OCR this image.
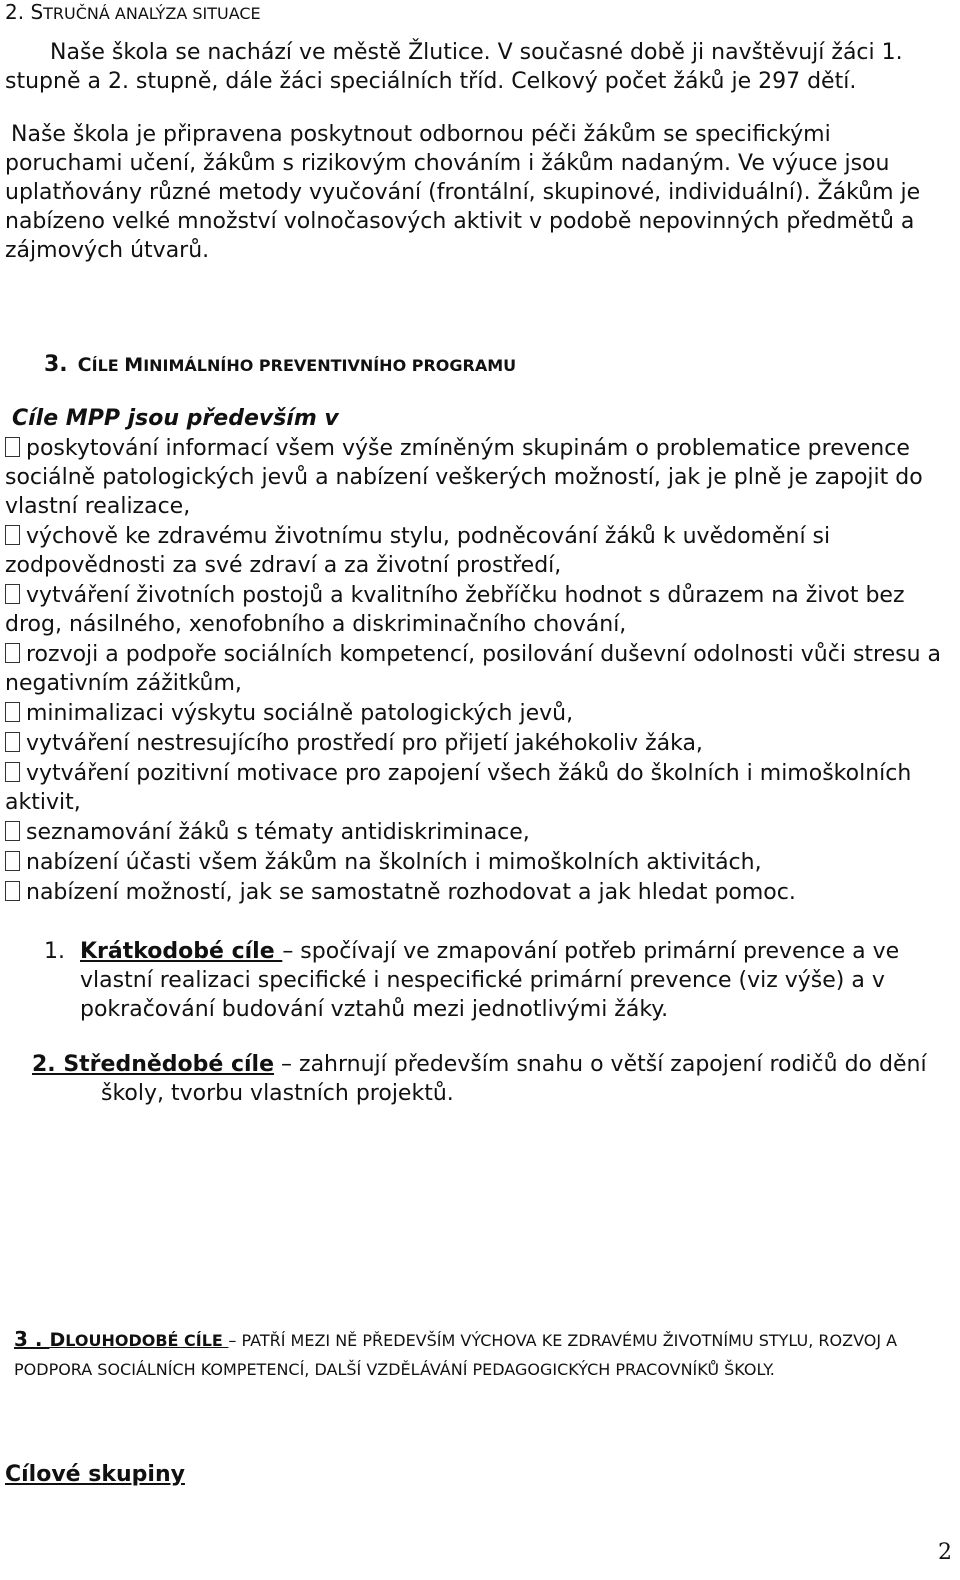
2. STRUČNÁ ANALÝZA SITUACE
Naše škola se nachází ve městě Žlutice. V současné době ji navštěvují žáci 1. stupně a 2. stupně, dále žáci speciálních tříd. Celkový počet žáků je 297 dětí.
Naše škola je připravena poskytnout odbornou péči žákům se specifickými poruchami učení, žákům s rizikovým chováním i žákům nadaným. Ve výuce jsou uplatňovány různé metody vyučování (frontální, skupinové, individuální). Žákům je nabízeno velké množství volnočasových aktivit v podobě nepovinných předmětů a zájmových útvarů.
3. CÍLE MINIMÁLNÍHO PREVENTIVNÍHO PROGRAMU
Cíle MPP jsou především v
poskytování informací všem výše zmíněným skupinám o problematice prevence sociálně patologických jevů a nabízení veškerých možností, jak je plně je zapojit do vlastní realizace,
výchově ke zdravému životnímu stylu, podněcování žáků k uvědomění si zodpovědnosti za své zdraví a za životní prostředí,
vytváření životních postojů a kvalitního žebříčku hodnot s důrazem na život bez drog, násilného, xenofobního a diskriminačního chování,
rozvoji a podpoře sociálních kompetencí, posilování duševní odolnosti vůči stresu a negativním zážitkům,
minimalizaci výskytu sociálně patologických jevů,
vytváření nestresujícího prostředí pro přijetí jakéhokoliv žáka,
vytváření pozitivní motivace pro zapojení všech žáků do školních i mimoškolních aktivit,
seznamování žáků s tématy antidiskriminace,
nabízení účasti všem žákům na školních i mimoškolních aktivitách,
nabízení možností, jak se samostatně rozhodovat a jak hledat pomoc.
1. Krátkodobé cíle – spočívají ve zmapování potřeb primární prevence a ve vlastní realizaci specifické i nespecifické primární prevence (viz výše) a v pokračování budování vztahů mezi jednotlivými žáky.
2. Střednědobé cíle – zahrnují především snahu o větší zapojení rodičů do děníškoly, tvorbu vlastních projektů.
3 . DLOUHODOBÉ CÍLE – PATŘÍ MEZI NĚ PŘEDEVŠÍM VÝCHOVA KE ZDRAVÉMU ŽIVOTNÍMU STYLU, ROZVOJ A PODPORA SOCIÁLNÍCH KOMPETENCÍ, DALŠÍ VZDĚLÁVÁNÍ PEDAGOGICKÝCH PRACOVNÍKŮ ŠKOLY.
Cílové skupiny
2
